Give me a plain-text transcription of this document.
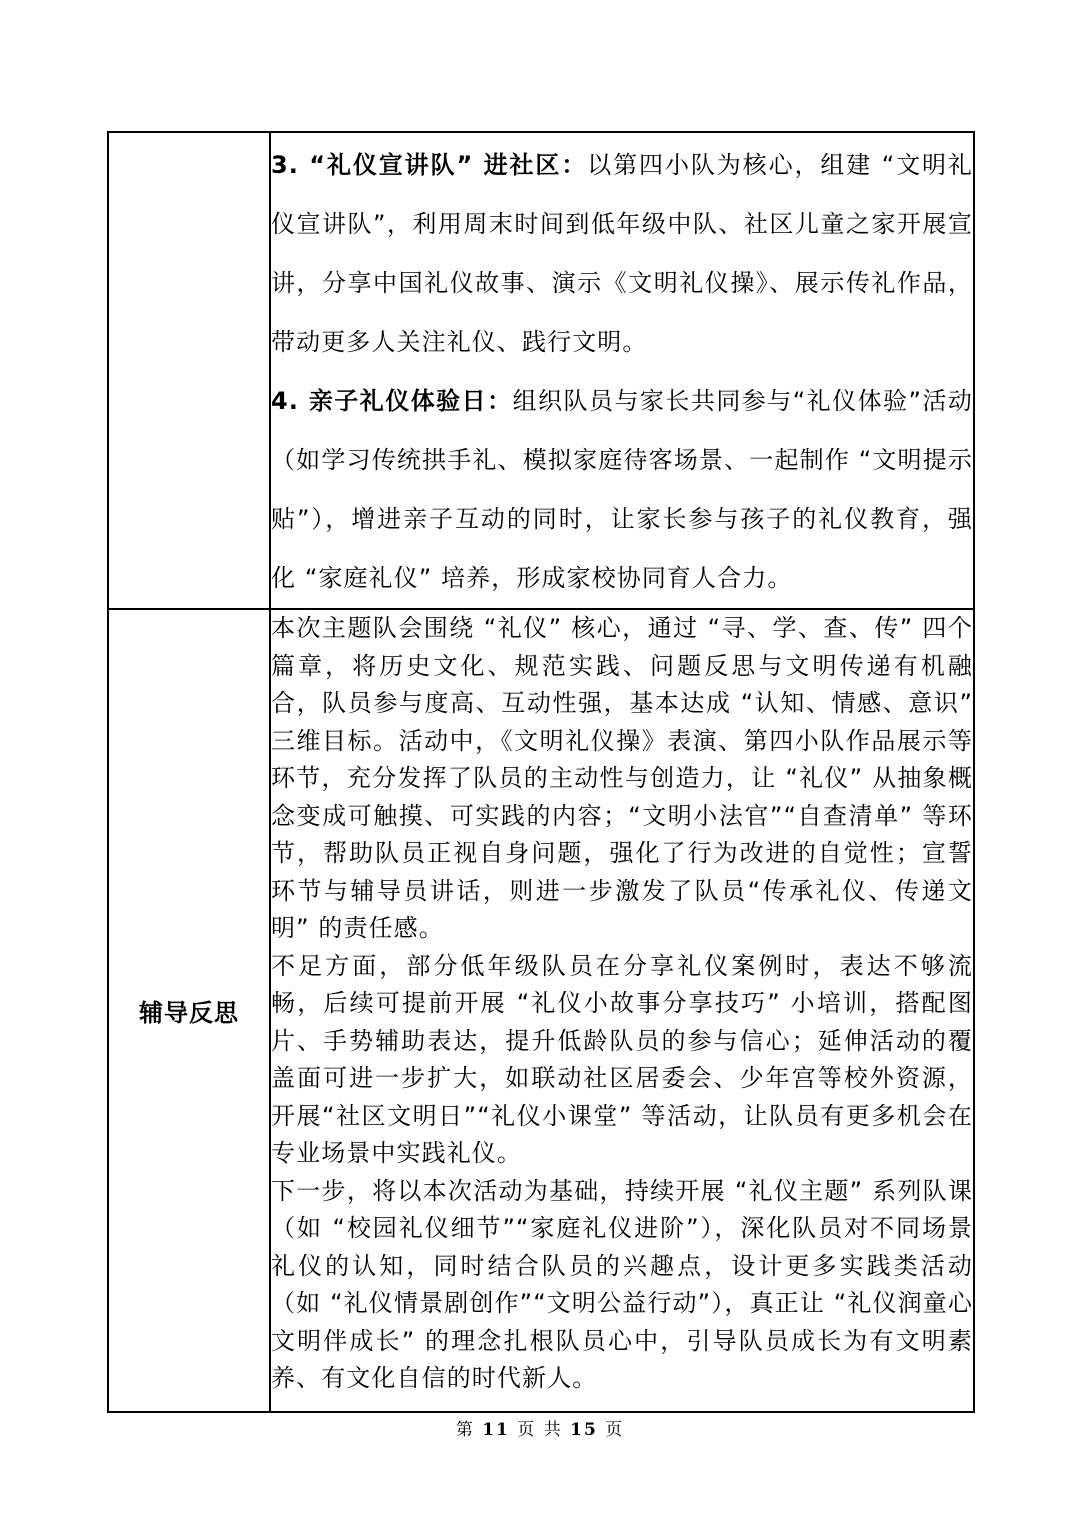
	3. “礼仪宣讲队” 进社区：以第四小队为核心，组建 “文明礼仪宣讲队”，利用周末时间到低年级中队、社区儿童之家开展宣讲，分享中国礼仪故事、演示《文明礼仪操》、展示传礼作品，带动更多人关注礼仪、践行文明。

4. 亲子礼仪体验日：组织队员与家长共同参与“礼仪体验”活动（如学习传统拱手礼、模拟家庭待客场景、一起制作 “文明提示贴”），增进亲子互动的同时，让家长参与孩子的礼仪教育，强化 “家庭礼仪” 培养，形成家校协同育人合力。

辅导反思	本次主题队会围绕 “礼仪” 核心，通过 “寻、学、查、传” 四个篇章，将历史文化、规范实践、问题反思与文明传递有机融合，队员参与度高、互动性强，基本达成 “认知、情感、意识” 三维目标。活动中，《文明礼仪操》表演、第四小队作品展示等环节，充分发挥了队员的主动性与创造力，让 “礼仪” 从抽象概念变成可触摸、可实践的内容；“文明小法官”“自查清单” 等环节，帮助队员正视自身问题，强化了行为改进的自觉性；宣誓环节与辅导员讲话，则进一步激发了队员“传承礼仪、传递文明” 的责任感。

不足方面，部分低年级队员在分享礼仪案例时，表达不够流畅，后续可提前开展 “礼仪小故事分享技巧” 小培训，搭配图片、手势辅助表达，提升低龄队员的参与信心；延伸活动的覆盖面可进一步扩大，如联动社区居委会、少年宫等校外资源，开展“社区文明日”“礼仪小课堂” 等活动，让队员有更多机会在专业场景中实践礼仪。

下一步，将以本次活动为基础，持续开展 “礼仪主题” 系列队课（如 “校园礼仪细节”“家庭礼仪进阶”），深化队员对不同场景礼仪的认知，同时结合队员的兴趣点，设计更多实践类活动（如 “礼仪情景剧创作”“文明公益行动”），真正让 “礼仪润童心 文明伴成长” 的理念扎根队员心中，引导队员成长为有文明素养、有文化自信的时代新人。

第 11 页 共 15 页
